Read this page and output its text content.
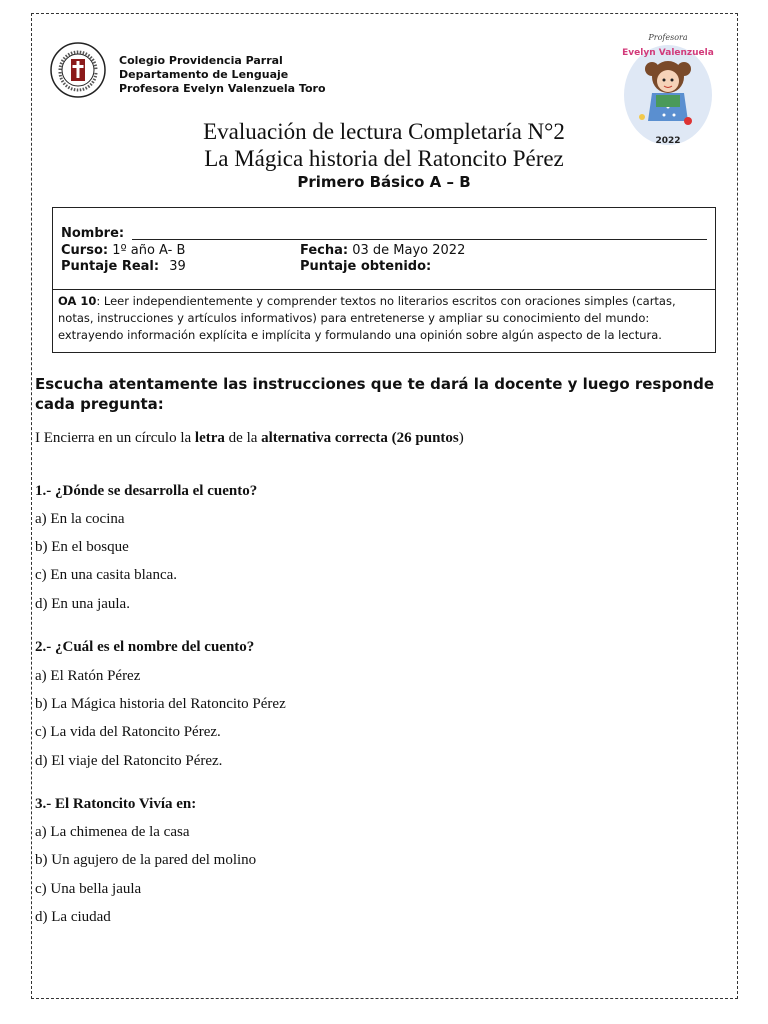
Colegio Providencia Parral
Departamento de Lenguaje
Profesora Evelyn Valenzuela Toro
Profesora
Evelyn Valenzuela
2022
Evaluación de lectura Completaría N°2
La Mágica historia del Ratoncito Pérez
Primero Básico A – B
Nombre:
Curso: 1º año A- B	Fecha: 03 de Mayo 2022
Puntaje Real: 39	Puntaje obtenido:
OA 10: Leer independientemente y comprender textos no literarios escritos con oraciones simples (cartas, notas, instrucciones y artículos informativos) para entretenerse y ampliar su conocimiento del mundo: extrayendo información explícita e implícita y formulando una opinión sobre algún aspecto de la lectura.
Escucha atentamente las instrucciones que te dará la docente y luego responde cada pregunta:
I Encierra en un círculo la letra de la alternativa correcta (26 puntos)
1.- ¿Dónde se desarrolla el cuento?
a) En la cocina
b) En el bosque
c) En una casita blanca.
d) En una jaula.
2.- ¿Cuál es el nombre del cuento?
a) El Ratón Pérez
b) La Mágica historia del Ratoncito Pérez
c) La vida del Ratoncito Pérez.
d) El viaje del Ratoncito Pérez.
3.- El Ratoncito Vivía en:
a) La chimenea de la casa
b) Un agujero de la pared del molino
c) Una bella jaula
d) La ciudad
